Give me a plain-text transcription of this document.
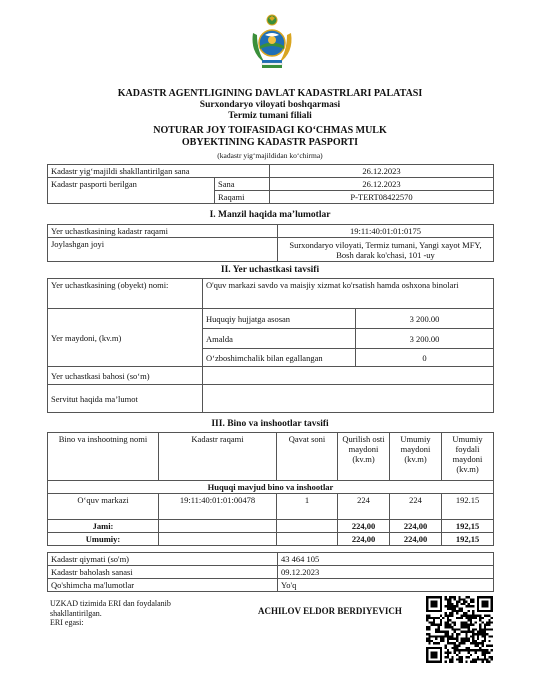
KADASTR AGENTLIGINING DAVLAT KADASTRLARI PALATASI
Surxondaryo viloyati boshqarmasi
Termiz tumani filiali
NOTURAR JOY TOIFASIDAGI KO‘CHMAS MULK
OBYEKTINING KADASTR PASPORTI
(kadastr yig‘majildidan ko‘chirma)
Kadastr yig‘majildi shakllantirilgan sana		26.12.2023
Kadastr pasporti berilgan	Sana	26.12.2023
	Raqami	P-TERT08422570
I. Manzil haqida ma’lumotlar
Yer uchastkasining kadastr raqami	19:11:40:01:01:0175
Joylashgan joyi	Surxondaryo viloyati, Termiz tumani, Yangi xayot MFY,
Bosh darak ko'chasi, 101 -uy
II. Yer uchastkasi tavsifi
Yer uchastkasining (obyekt) nomi:	O'quv markazi savdo va maisjiy xizmat ko'rsatish hamda oshxona binolari	
Yer maydoni, (kv.m)	Huquqiy hujjatga asosan	3 200.00
	Amalda	3 200.00
	O‘zboshimchalik bilan egallangan	0
Yer uchastkasi bahosi (so‘m)		
Servitut haqida ma’lumot		
III. Bino va inshootlar tavsifi
Bino va inshootning nomi	Kadastr raqami	Qavat soni	Qurilish osti maydoni (kv.m)	Umumiy maydoni (kv.m)	Umumiy foydali maydoni (kv.m)
Huquqi mavjud bino va inshootlar					
O‘quv markazi	19:11:40:01:01:00478	1	224	224	192.15
Jami:			224,00	224,00	192,15
Umumiy:			224,00	224,00	192,15
Kadastr qiymati (so'm)	43 464 105
Kadastr baholash sanasi	09.12.2023
Qo'shimcha ma'lumotlar	Yo'q
UZKAD tizimida ERI dan foydalanib
shakllantirilgan.
ERI egasi:
ACHILOV ELDOR BERDIYEVICH
